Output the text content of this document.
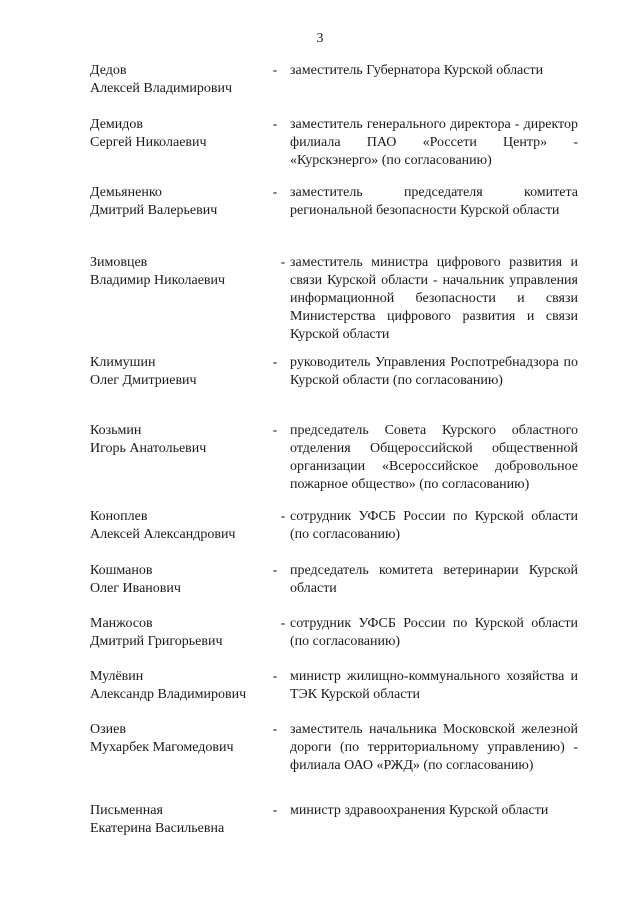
3
Дедов
Алексей Владимирович
- заместитель Губернатора Курской области
Демидов
Сергей Николаевич
- заместитель генерального директора - директор филиала ПАО «Россети Центр» - «Курскэнерго» (по согласованию)
Демьяненко
Дмитрий Валерьевич
- заместитель председателя комитета региональной безопасности Курской области
Зимовцев
Владимир Николаевич
- заместитель министра цифрового развития и связи Курской области - начальник управления информационной безопасности и связи Министерства цифрового развития и связи Курской области
Климушин
Олег Дмитриевич
- руководитель Управления Роспотребнадзора по Курской области (по согласованию)
Козьмин
Игорь Анатольевич
- председатель Совета Курского областного отделения Общероссийской общественной организации «Всероссийское добровольное пожарное общество» (по согласованию)
Коноплев
Алексей Александрович
- сотрудник УФСБ России по Курской области (по согласованию)
Кошманов
Олег Иванович
- председатель комитета ветеринарии Курской области
Манжосов
Дмитрий Григорьевич
- сотрудник УФСБ России по Курской области (по согласованию)
Мулёвин
Александр Владимирович
- министр жилищно-коммунального хозяйства и ТЭК Курской области
Озиев
Мухарбек Магомедович
- заместитель начальника Московской железной дороги (по территориальному управлению) - филиала ОАО «РЖД» (по согласованию)
Письменная
Екатерина Васильевна
- министр здравоохранения Курской области
